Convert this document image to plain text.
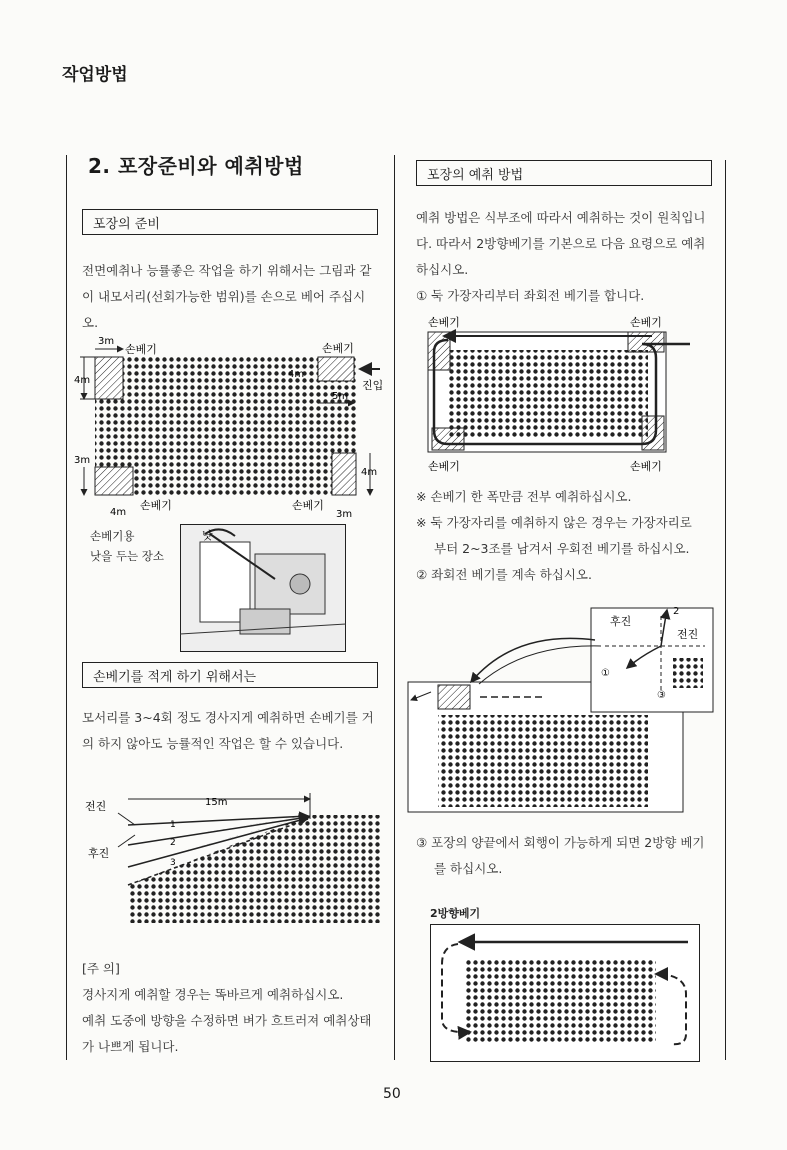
작업방법
2. 포장준비와 예취방법
포장의 준비
전면예취나 능률좋은 작업을 하기 위해서는 그림과 같
이 내모서리(선회가능한 범위)를 손으로 베어 주십시
오.
3m
손베기	손베기
4m
4m
5m
진입
3m
4m
4m
손베기	손베기
3m
손베기용
낫을 두는 장소
낫
손베기를 적게 하기 위해서는
모서리를 3~4회 정도 경사지게 예취하면 손베기를 거
의 하지 않아도 능률적인 작업은 할 수 있습니다.
전진
후진
15m
1
2
3
[주 의]
경사지게 예취할 경우는 똑바르게 예취하십시오.
예취 도중에 방향을 수정하면 벼가 흐트러져 예취상태
가 나쁘게 됩니다.
포장의 예취 방법
예취 방법은 식부조에 따라서 예취하는 것이 원칙입니
다. 따라서 2방향베기를 기본으로 다음 요령으로 예취
하십시오.
① 둑 가장자리부터 좌회전 베기를 합니다.
손베기	손베기
손베기	손베기
※ 손베기 한 폭만큼 전부 예취하십시오.
※ 둑 가장자리를 예취하지 않은 경우는 가장자리로
부터 2~3조를 남겨서 우회전 베기를 하십시오.
② 좌회전 베기를 계속 하십시오.
후진
전진
①
2
③
③ 포장의 양끝에서 회행이 가능하게 되면 2방향 베기
를 하십시오.
2방향베기
50
